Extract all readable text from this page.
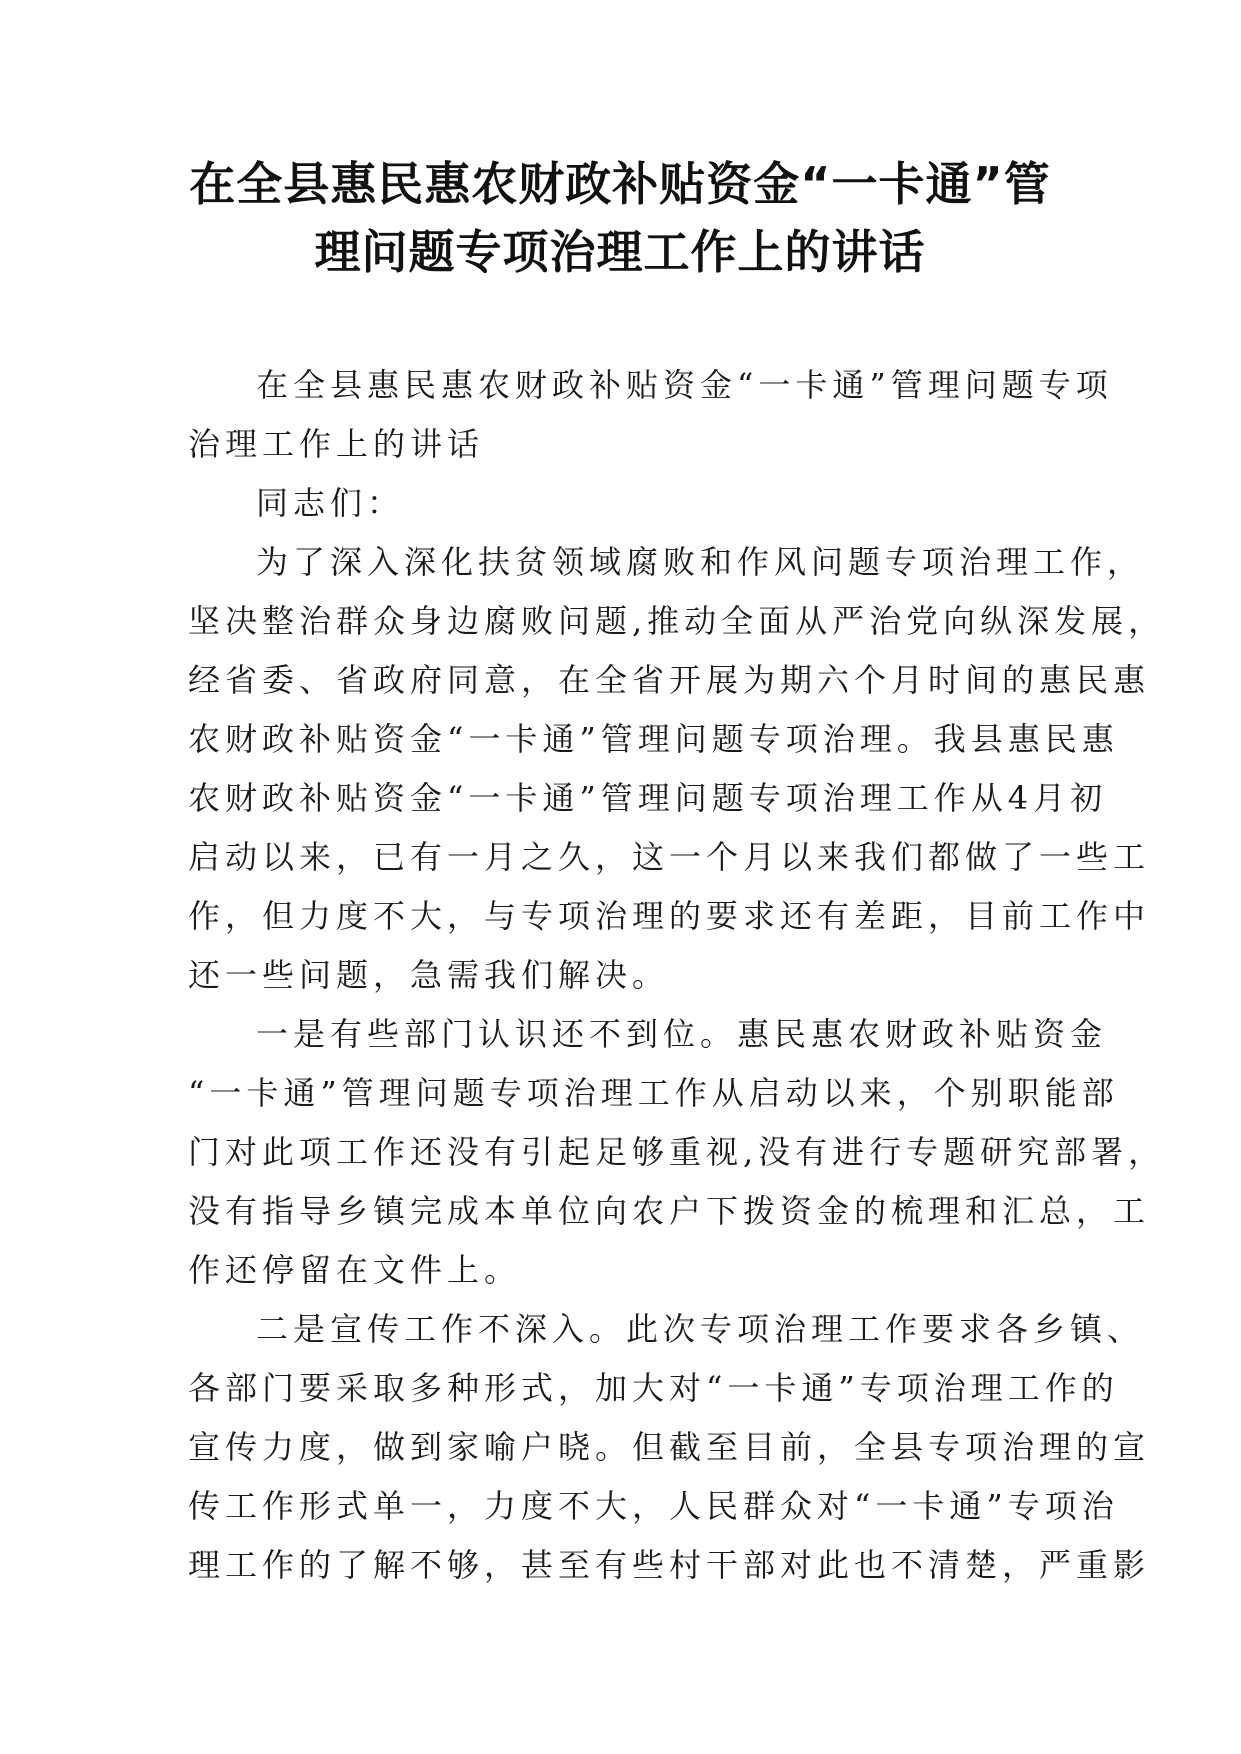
在全县惠民惠农财政补贴资金“一卡通”管
理问题专项治理工作上的讲话
在全县惠民惠农财政补贴资金“一卡通”管理问题专项
治理工作上的讲话
同志们：
为了深入深化扶贫领域腐败和作风问题专项治理工作，
坚决整治群众身边腐败问题,推动全面从严治党向纵深发展，
经省委、省政府同意，在全省开展为期六个月时间的惠民惠
农财政补贴资金“一卡通”管理问题专项治理。我县惠民惠
农财政补贴资金“一卡通”管理问题专项治理工作从4月初
启动以来，已有一月之久，这一个月以来我们都做了一些工
作，但力度不大，与专项治理的要求还有差距，目前工作中
还一些问题，急需我们解决。
一是有些部门认识还不到位。惠民惠农财政补贴资金
“一卡通”管理问题专项治理工作从启动以来，个别职能部
门对此项工作还没有引起足够重视,没有进行专题研究部署，
没有指导乡镇完成本单位向农户下拨资金的梳理和汇总，工
作还停留在文件上。
二是宣传工作不深入。此次专项治理工作要求各乡镇、
各部门要采取多种形式，加大对“一卡通”专项治理工作的
宣传力度，做到家喻户晓。但截至目前，全县专项治理的宣
传工作形式单一，力度不大，人民群众对“一卡通”专项治
理工作的了解不够，甚至有些村干部对此也不清楚，严重影
